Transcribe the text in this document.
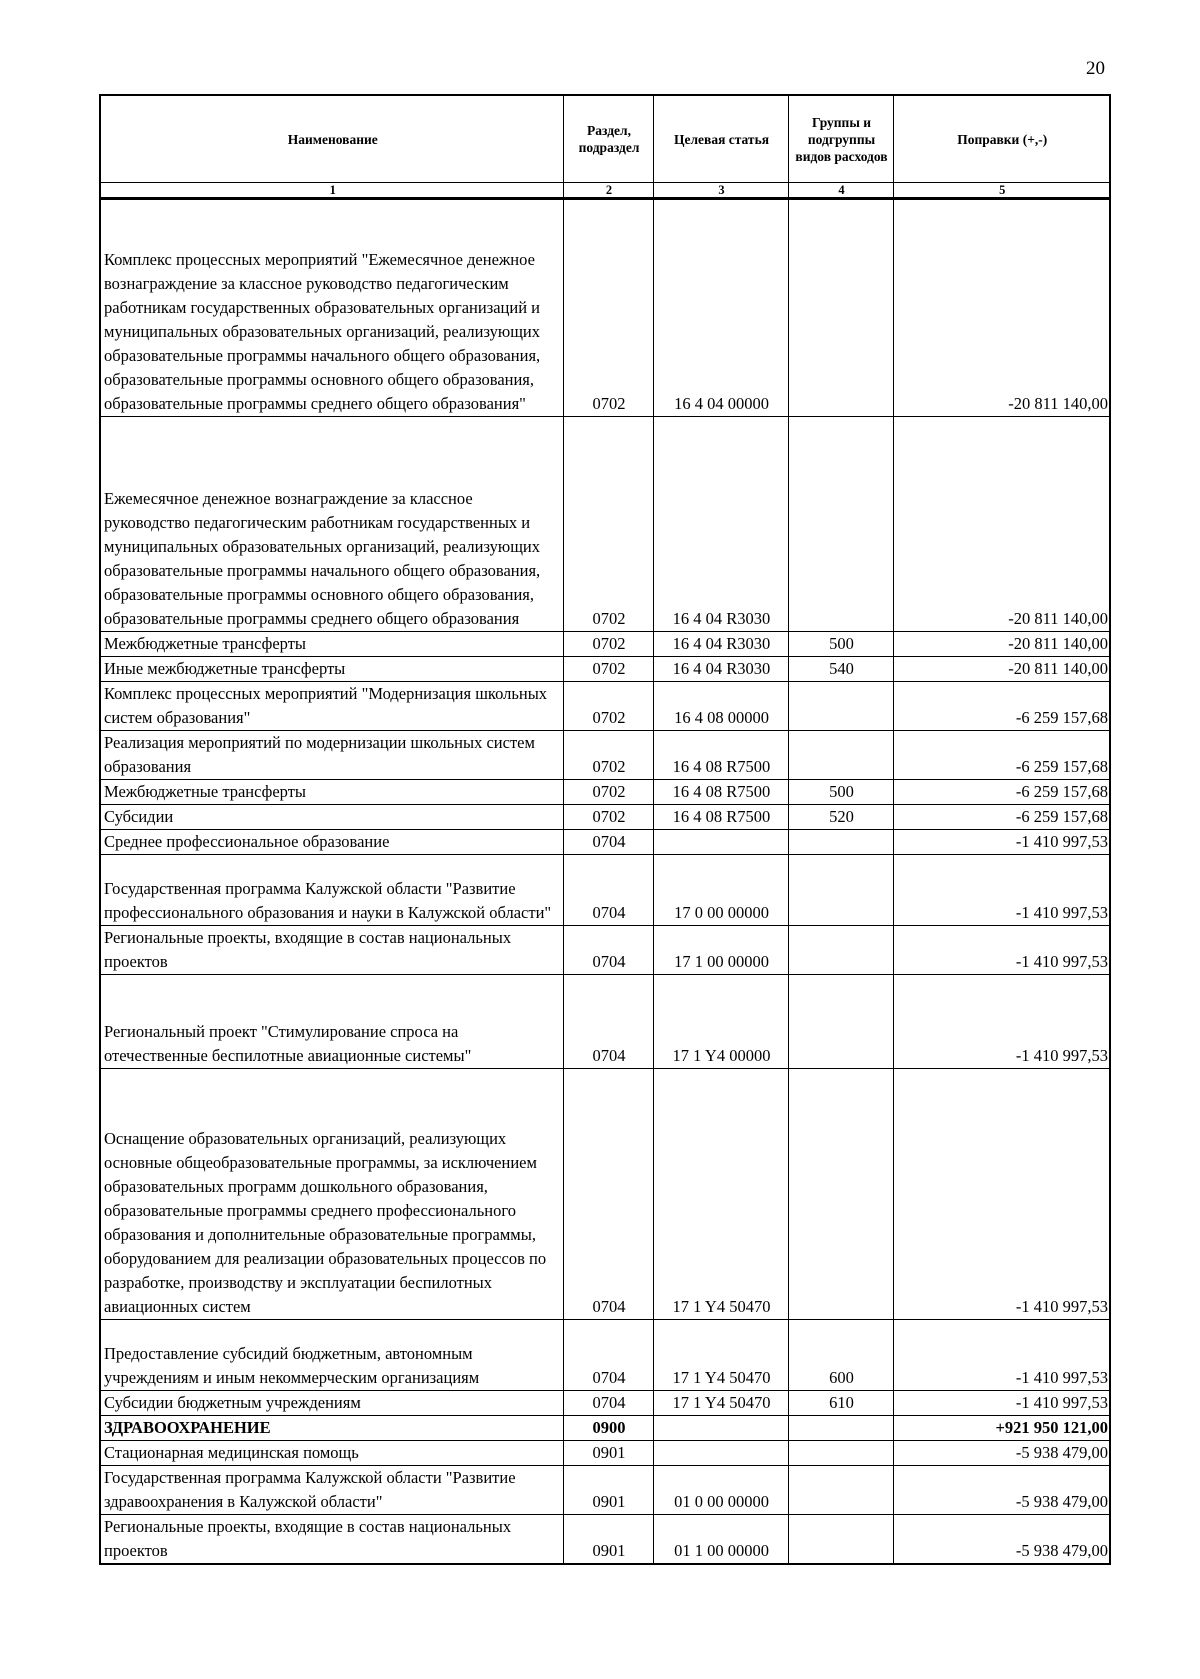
20
Наименование	Раздел, подраздел	Целевая статья	Группы и подгруппы видов расходов	Поправки (+,-)
1	2	3	4	5
Комплекс процессных мероприятий "Ежемесячное денежное вознаграждение за классное руководство педагогическим работникам государственных образовательных организаций и муниципальных образовательных организаций, реализующих образовательные программы начального общего образования, образовательные программы основного общего образования, образовательные программы среднего общего образования"	0702	16 4 04 00000		-20 811 140,00
Ежемесячное денежное вознаграждение за классное руководство педагогическим работникам государственных и муниципальных образовательных организаций, реализующих образовательные программы начального общего образования, образовательные программы основного общего образования, образовательные программы среднего общего образования	0702	16 4 04 R3030		-20 811 140,00
Межбюджетные трансферты	0702	16 4 04 R3030	500	-20 811 140,00
Иные межбюджетные трансферты	0702	16 4 04 R3030	540	-20 811 140,00
Комплекс процессных мероприятий "Модернизация школьных систем образования"	0702	16 4 08 00000		-6 259 157,68
Реализация мероприятий по модернизации школьных систем образования	0702	16 4 08 R7500		-6 259 157,68
Межбюджетные трансферты	0702	16 4 08 R7500	500	-6 259 157,68
Субсидии	0702	16 4 08 R7500	520	-6 259 157,68
Среднее профессиональное образование	0704			-1 410 997,53
Государственная программа Калужской области "Развитие профессионального образования и науки в Калужской области"	0704	17 0 00 00000		-1 410 997,53
Региональные проекты, входящие в состав национальных проектов	0704	17 1 00 00000		-1 410 997,53
Региональный проект "Стимулирование спроса на отечественные беспилотные авиационные системы"	0704	17 1 Y4 00000		-1 410 997,53
Оснащение образовательных организаций, реализующих основные общеобразовательные программы, за исключением образовательных программ дошкольного образования, образовательные программы среднего профессионального образования и дополнительные образовательные программы, оборудованием для реализации образовательных процессов по разработке, производству и эксплуатации беспилотных авиационных систем	0704	17 1 Y4 50470		-1 410 997,53
Предоставление субсидий бюджетным, автономным учреждениям и иным некоммерческим организациям	0704	17 1 Y4 50470	600	-1 410 997,53
Субсидии бюджетным учреждениям	0704	17 1 Y4 50470	610	-1 410 997,53
ЗДРАВООХРАНЕНИЕ	0900			+921 950 121,00
Стационарная медицинская помощь	0901			-5 938 479,00
Государственная программа Калужской области "Развитие здравоохранения в Калужской области"	0901	01 0 00 00000		-5 938 479,00
Региональные проекты, входящие в состав национальных проектов	0901	01 1 00 00000		-5 938 479,00
